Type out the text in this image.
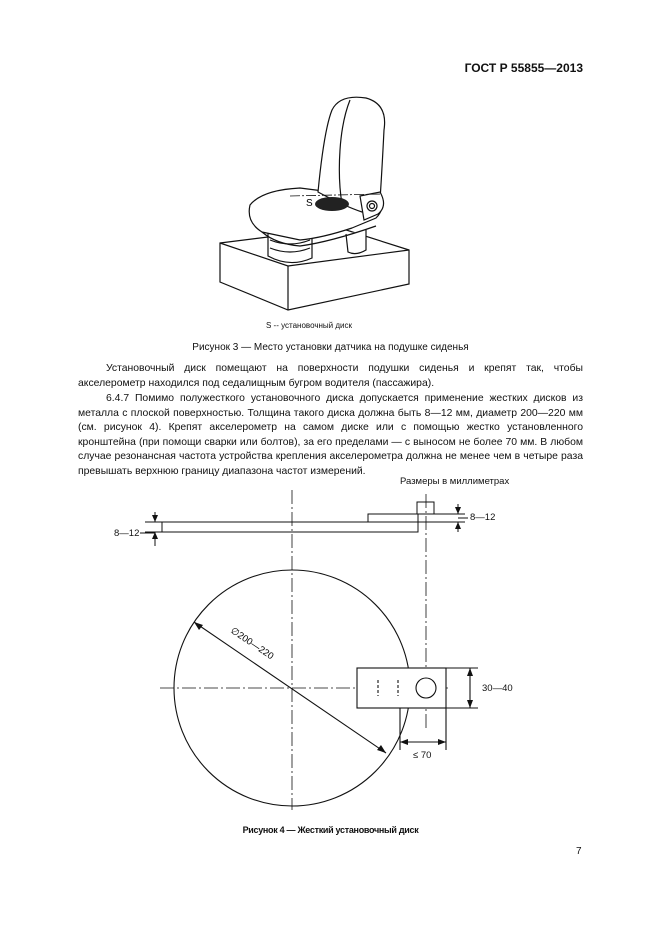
ГОСТ Р 55855—2013
S
∅200—220
S -- установочный диск
Рисунок 3 — Место установки датчика на подушке сиденья

Установочный диск помещают на поверхности подушки сиденья и крепят так, чтобы акселерометр находился под седалищным бугром водителя (пассажира).

6.4.7 Помимо полужесткого установочного диска допускается применение жестких дисков из металла с плоской поверхностью. Толщина такого диска должна быть 8—12 мм, диаметр 200—220 мм (см. рисунок 4). Крепят акселерометр на самом диске или с помощью жестко установленного кронштейна (при помощи сварки или болтов), за его пределами — с выносом не более 70 мм. В любом случае резонансная частота устройства крепления акселерометра должна не менее чем в четыре раза превышать верхнюю границу диапазона частот измерений.

Размеры в миллиметрах
8—12
8—12
30—40
≤ 70
Рисунок 4 — Жесткий установочный диск
7
